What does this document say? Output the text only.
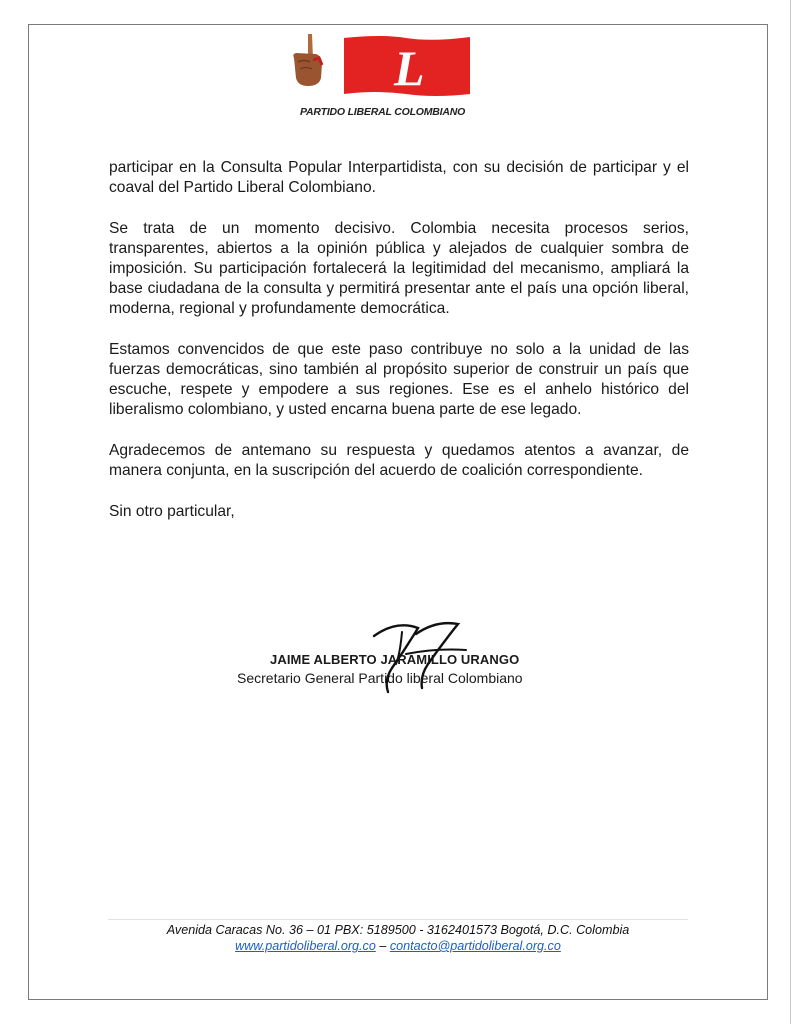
L
PARTIDO LIBERAL COLOMBIANO

participar en la Consulta Popular Interpartidista, con su decisión de participar y el coaval del Partido Liberal Colombiano.

Se trata de un momento decisivo. Colombia necesita procesos serios, transparentes, abiertos a la opinión pública y alejados de cualquier sombra de imposición. Su participación fortalecerá la legitimidad del mecanismo, ampliará la base ciudadana de la consulta y permitirá presentar ante el país una opción liberal, moderna, regional y profundamente democrática.

Estamos convencidos de que este paso contribuye no solo a la unidad de las fuerzas democráticas, sino también al propósito superior de construir un país que escuche, respete y empodere a sus regiones. Ese es el anhelo histórico del liberalismo colombiano, y usted encarna buena parte de ese legado.

Agradecemos de antemano su respuesta y quedamos atentos a avanzar, de manera conjunta, en la suscripción del acuerdo de coalición correspondiente.

Sin otro particular,

JAIME ALBERTO JARAMILLO URANGO
Secretario General Partido liberal Colombiano
Avenida Caracas No. 36 – 01 PBX: 5189500 - 3162401573 Bogotá, D.C. Colombia
www.partidoliberal.org.co – contacto@partidoliberal.org.co
